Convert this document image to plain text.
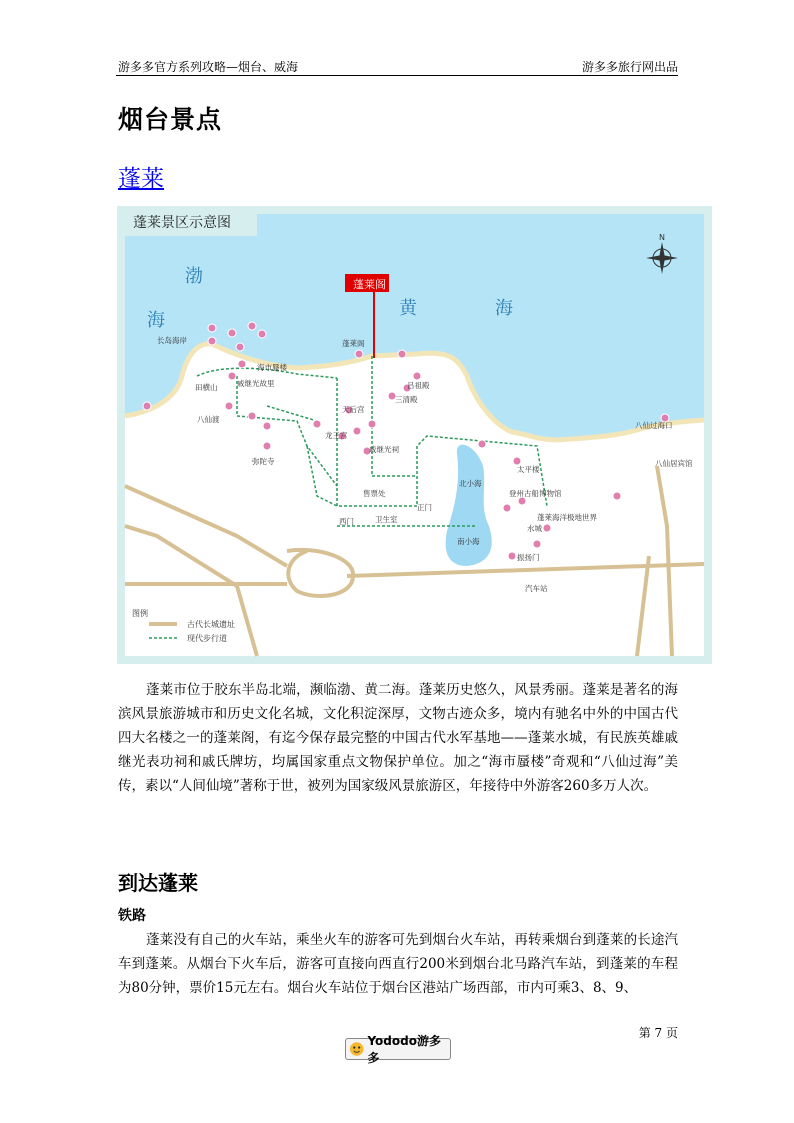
游多多官方系列攻略—烟台、威海	游多多旅行网出品
烟台景点
蓬莱
蓬莱景区示意图
N
渤
海
黄	海
蓬莱阁
长岛海岸	蓬莱阁
天后宫
三清殿
吕祖殿
戚继光故里
北小海
南小海
水城
振扬门
太平楼
八仙过海口
八仙居宾馆
汽车站
西门
正门
卫生室
售票处	登州古船博物馆
戚继光祠
蓬莱海洋极地世界
田横山
八仙渡
海市蜃楼
龙王宫
弥陀寺
图例
古代长城遗址
现代步行道

蓬莱市位于胶东半岛北端，濒临渤、黄二海。蓬莱历史悠久，风景秀丽。蓬莱是著名的海滨风景旅游城市和历史文化名城，文化积淀深厚，文物古迹众多，境内有驰名中外的中国古代四大名楼之一的蓬莱阁，有迄今保存最完整的中国古代水军基地——蓬莱水城，有民族英雄戚继光表功祠和戚氏牌坊，均属国家重点文物保护单位。加之“海市蜃楼”奇观和“八仙过海”美传，素以“人间仙境”著称于世，被列为国家级风景旅游区，年接待中外游客260多万人次。

到达蓬莱
铁路

蓬莱没有自己的火车站，乘坐火车的游客可先到烟台火车站，再转乘烟台到蓬莱的长途汽车到蓬莱。从烟台下火车后，游客可直接向西直行200米到烟台北马路汽车站，到蓬莱的车程为80分钟，票价15元左右。烟台火车站位于烟台区港站广场西部，市内可乘3、8、9、

第 7 页
Yododo游多多
